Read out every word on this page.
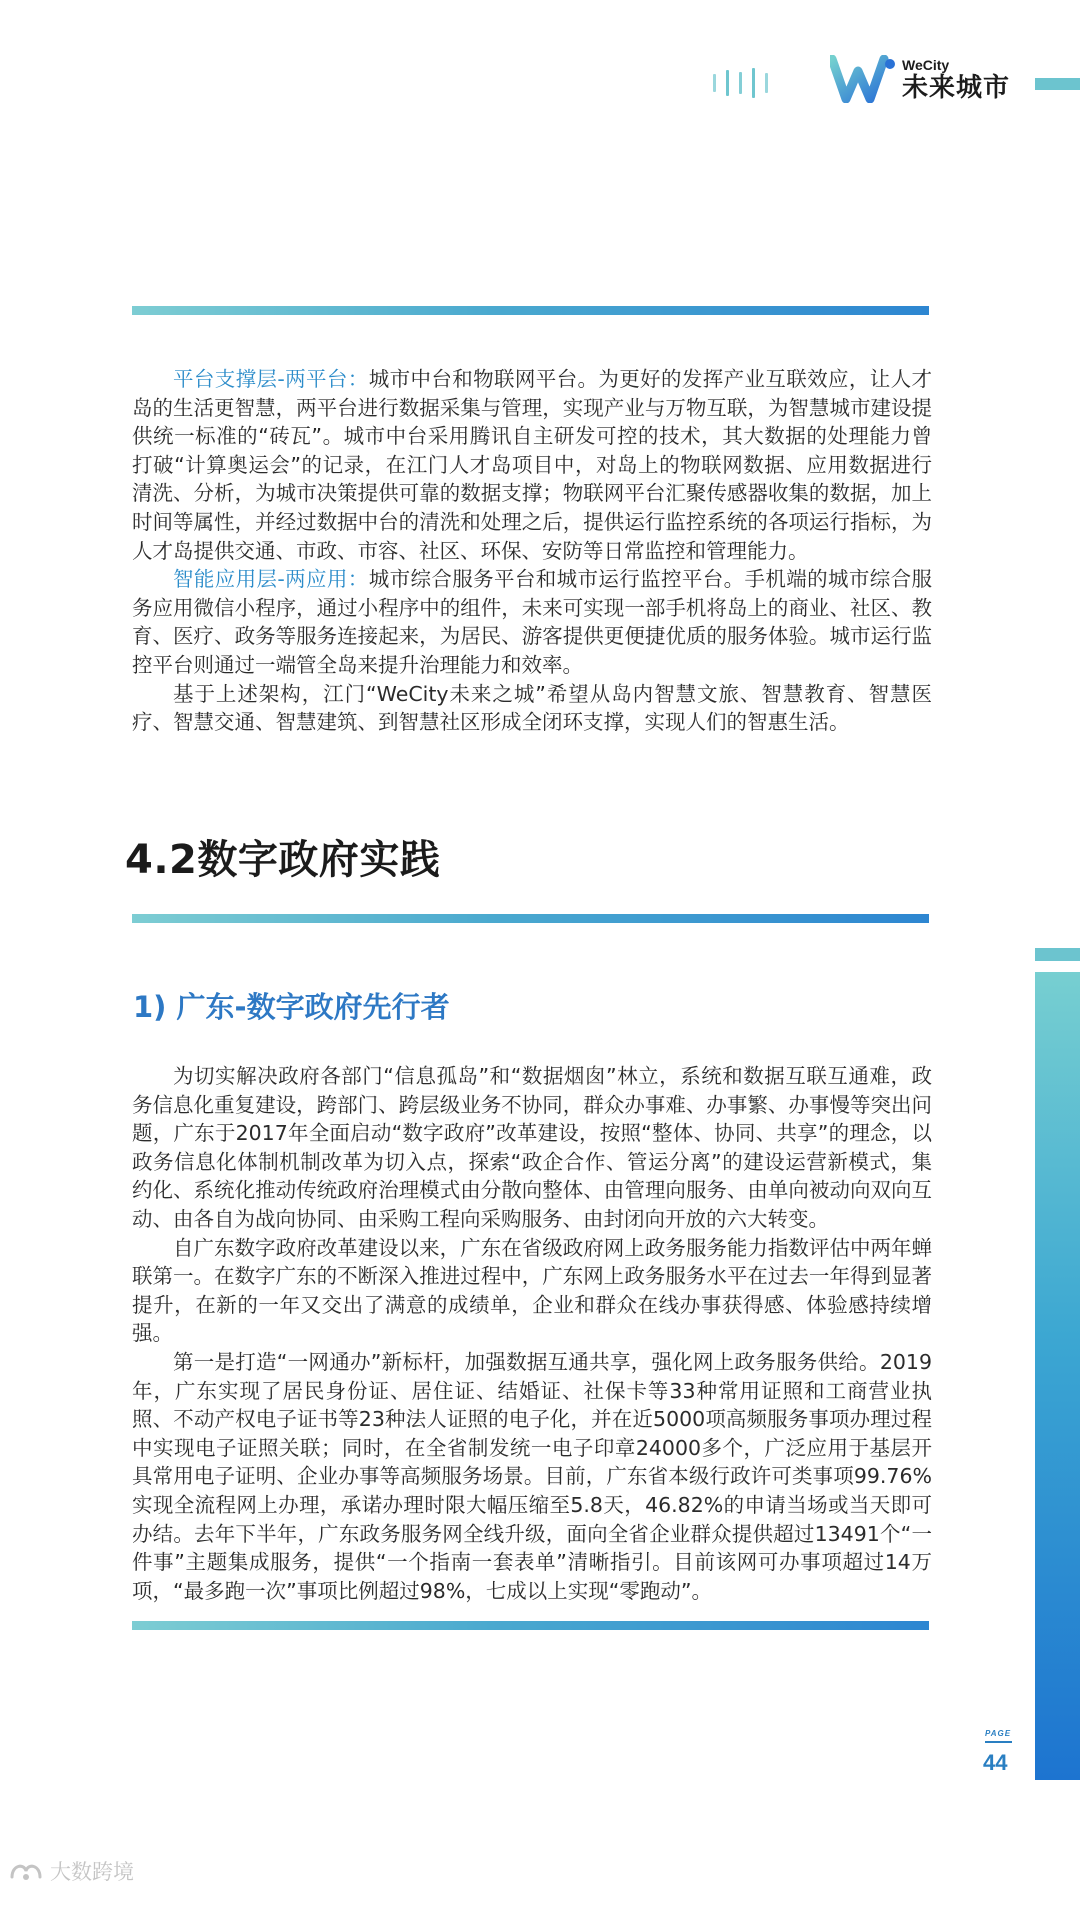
WeCity
未来城市

平台支撑层-两平台：城市中台和物联网平台。为更好的发挥产业互联效应，让人才岛的生活更智慧，两平台进行数据采集与管理，实现产业与万物互联，为智慧城市建设提供统一标准的“砖瓦”。城市中台采用腾讯自主研发可控的技术，其大数据的处理能力曾打破“计算奥运会”的记录，在江门人才岛项目中，对岛上的物联网数据、应用数据进行清洗、分析，为城市决策提供可靠的数据支撑；物联网平台汇聚传感器收集的数据，加上时间等属性，并经过数据中台的清洗和处理之后，提供运行监控系统的各项运行指标，为人才岛提供交通、市政、市容、社区、环保、安防等日常监控和管理能力。

智能应用层-两应用：城市综合服务平台和城市运行监控平台。手机端的城市综合服务应用微信小程序，通过小程序中的组件，未来可实现一部手机将岛上的商业、社区、教育、医疗、政务等服务连接起来，为居民、游客提供更便捷优质的服务体验。城市运行监控平台则通过一端管全岛来提升治理能力和效率。

基于上述架构，江门“WeCity未来之城”希望从岛内智慧文旅、智慧教育、智慧医疗、智慧交通、智慧建筑、到智慧社区形成全闭环支撑，实现人们的智惠生活。

4.2数字政府实践
1) 广东-数字政府先行者

为切实解决政府各部门“信息孤岛”和“数据烟囱”林立，系统和数据互联互通难，政务信息化重复建设，跨部门、跨层级业务不协同，群众办事难、办事繁、办事慢等突出问题，广东于2017年全面启动“数字政府”改革建设，按照“整体、协同、共享”的理念，以政务信息化体制机制改革为切入点，探索“政企合作、管运分离”的建设运营新模式，集约化、系统化推动传统政府治理模式由分散向整体、由管理向服务、由单向被动向双向互动、由各自为战向协同、由采购工程向采购服务、由封闭向开放的六大转变。

自广东数字政府改革建设以来，广东在省级政府网上政务服务能力指数评估中两年蝉联第一。在数字广东的不断深入推进过程中，广东网上政务服务水平在过去一年得到显著提升，在新的一年又交出了满意的成绩单，企业和群众在线办事获得感、体验感持续增强。

第一是打造“一网通办”新标杆，加强数据互通共享，强化网上政务服务供给。2019年，广东实现了居民身份证、居住证、结婚证、社保卡等33种常用证照和工商营业执照、不动产权电子证书等23种法人证照的电子化，并在近5000项高频服务事项办理过程中实现电子证照关联；同时，在全省制发统一电子印章24000多个，广泛应用于基层开具常用电子证明、企业办事等高频服务场景。目前，广东省本级行政许可类事项99.76%实现全流程网上办理，承诺办理时限大幅压缩至5.8天，46.82%的申请当场或当天即可办结。去年下半年，广东政务服务网全线升级，面向全省企业群众提供超过13491个“一件事”主题集成服务，提供“一个指南一套表单”清晰指引。目前该网可办事项超过14万项，“最多跑一次”事项比例超过98%，七成以上实现“零跑动”。

PAGE
44
大数跨境
